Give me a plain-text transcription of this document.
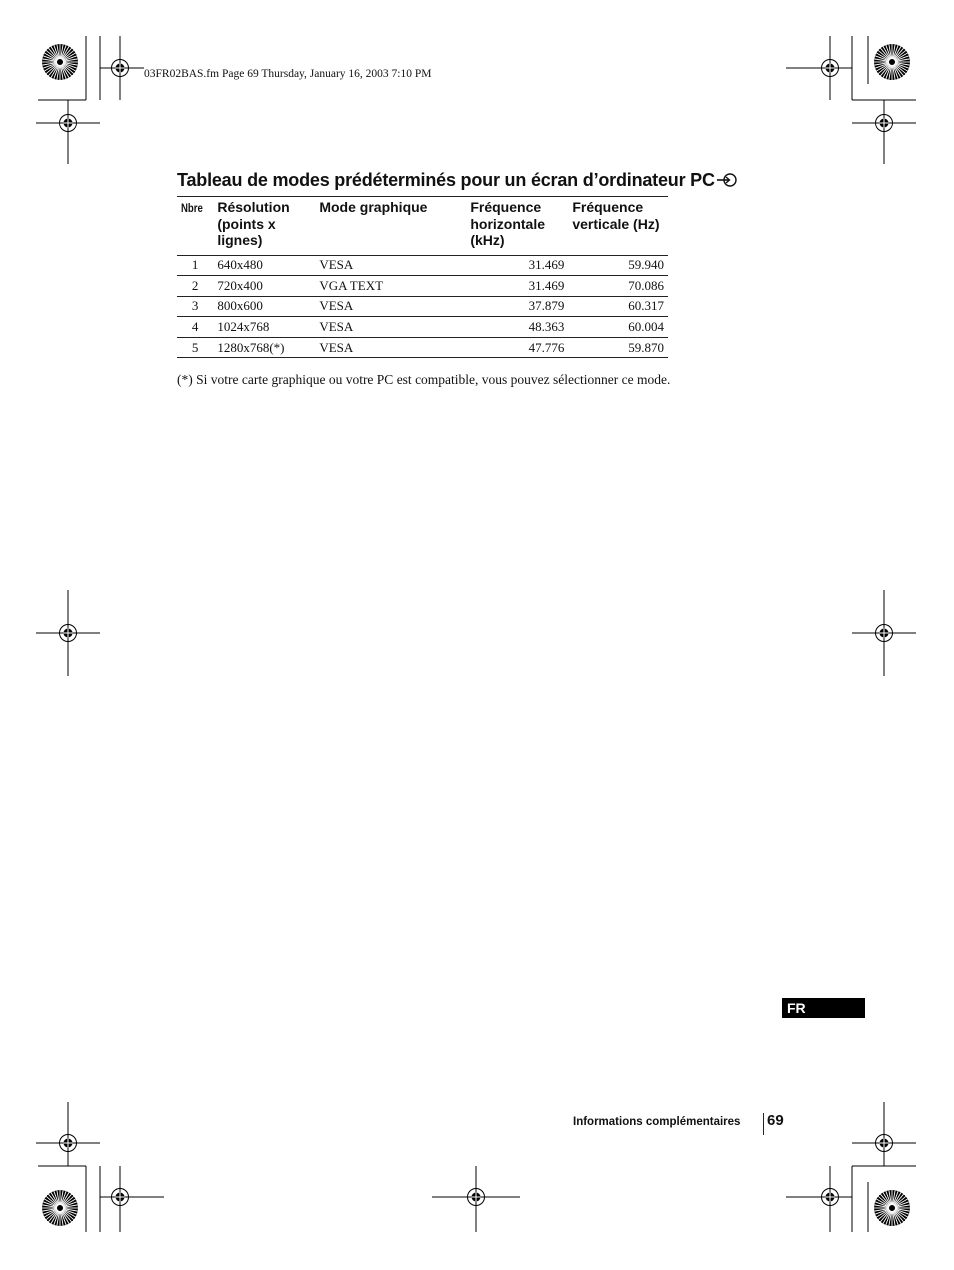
03FR02BAS.fm Page 69 Thursday, January 16, 2003 7:10 PM
Tableau de modes prédéterminés pour un écran d’ordinateur PC
Nbre	Résolution (points x lignes)	Mode graphique	Fréquence horizontale (kHz)	Fréquence verticale (Hz)
1	640x480	VESA	31.469	59.940
2	720x400	VGA TEXT	31.469	70.086
3	800x600	VESA	37.879	60.317
4	1024x768	VESA	48.363	60.004
5	1280x768(*)	VESA	47.776	59.870
(*) Si votre carte graphique ou votre PC est compatible, vous pouvez sélectionner ce mode.
FR
Informations complémentaires 69
